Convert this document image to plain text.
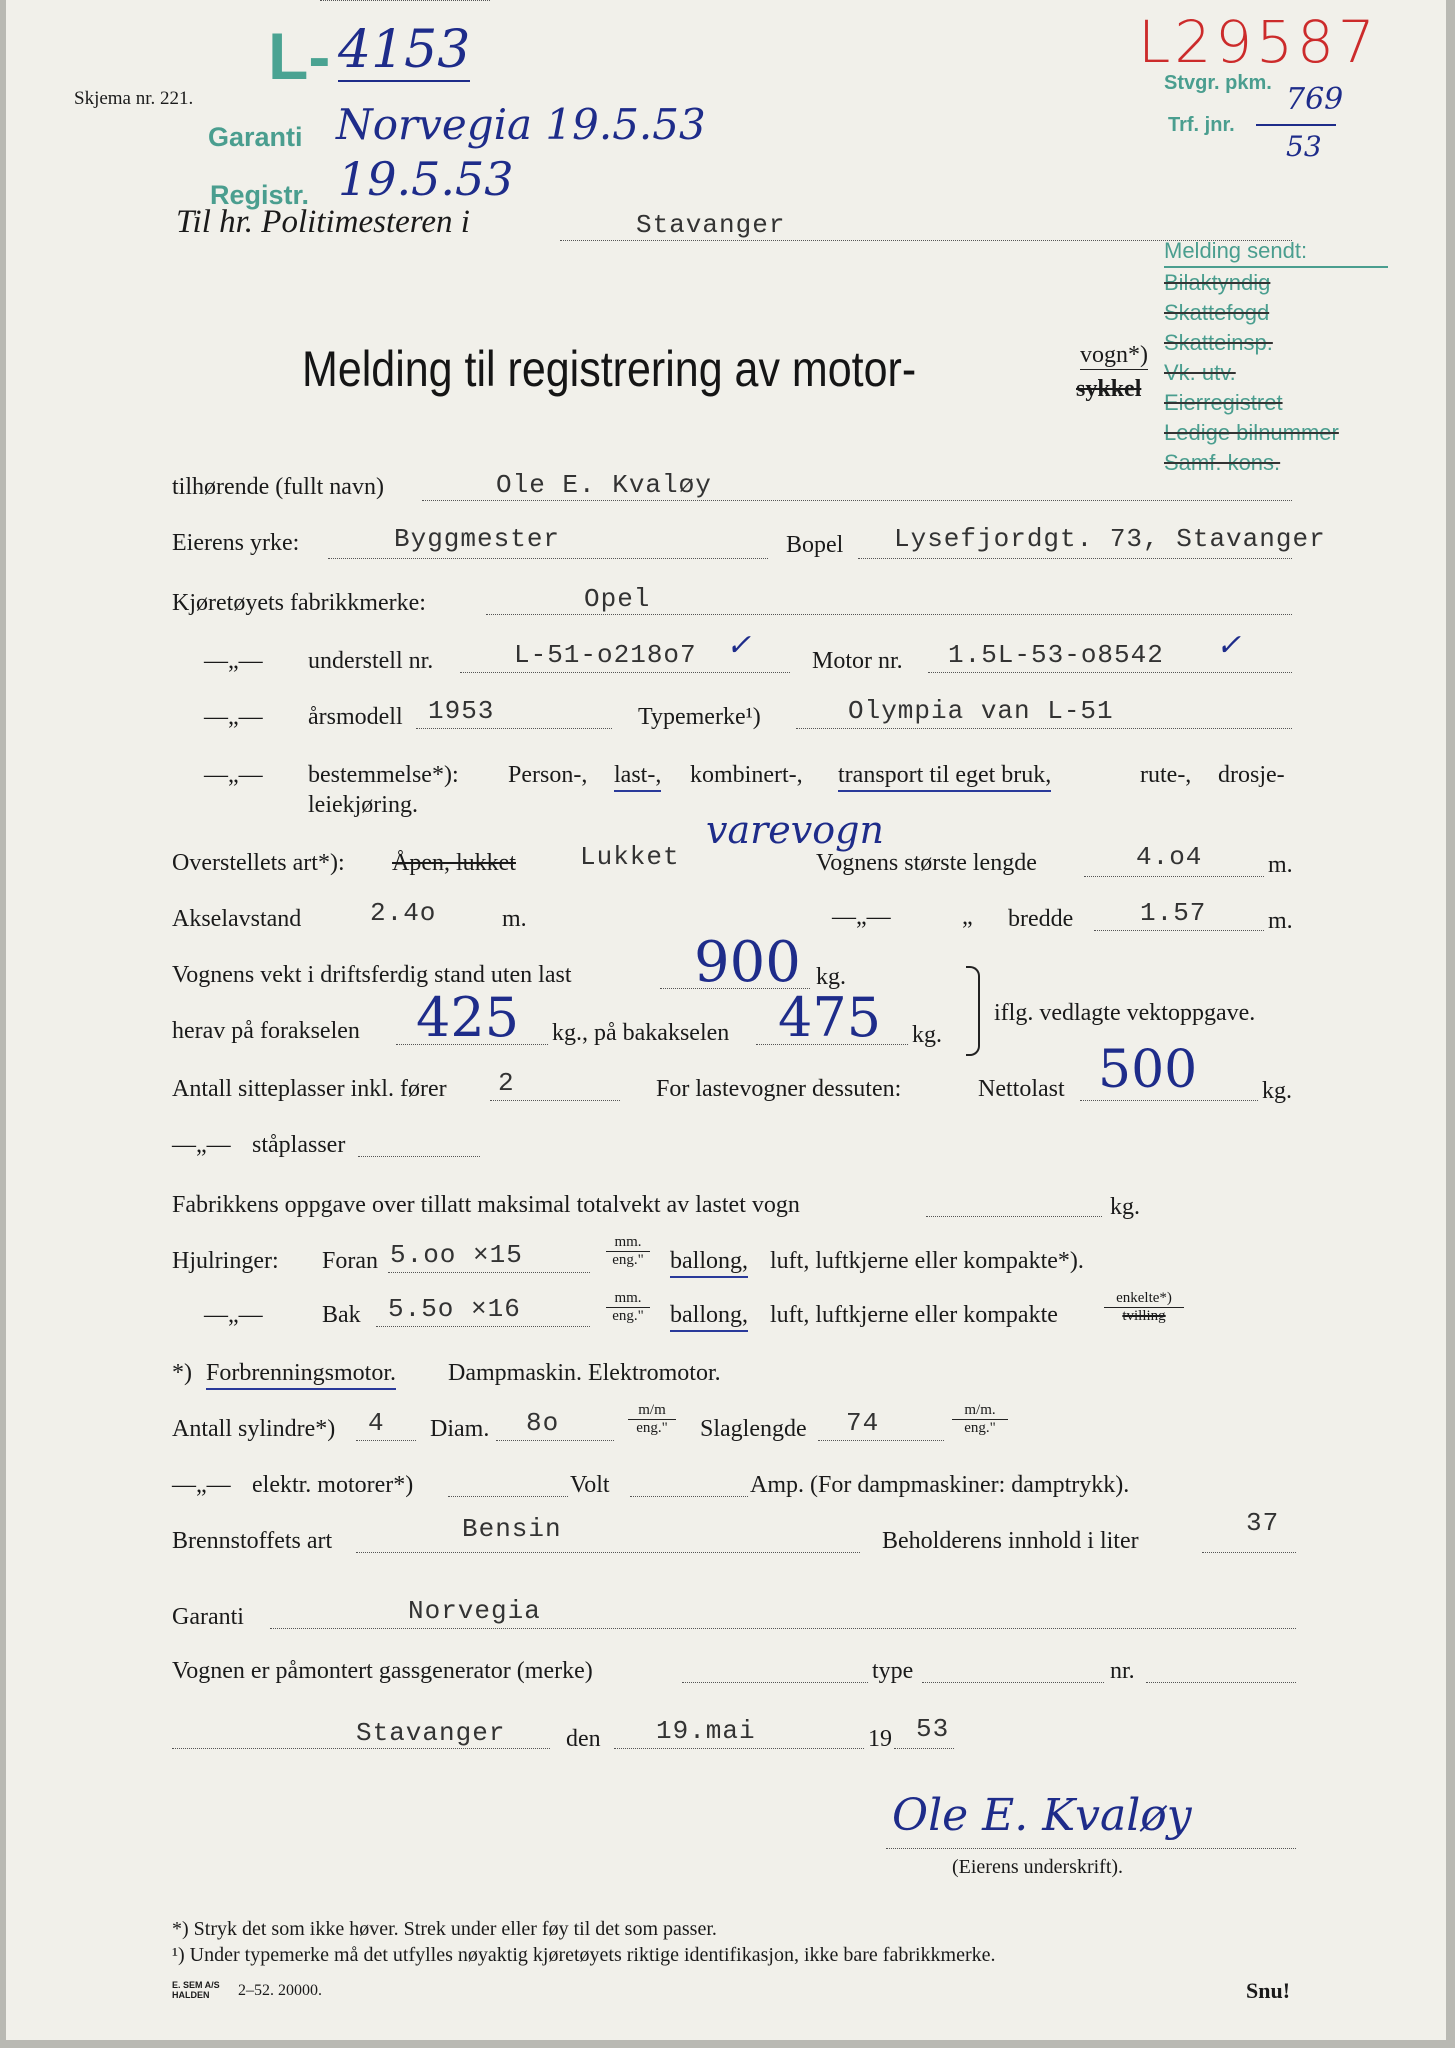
Skjema nr. 221.
L- 4153
Garanti Norvegia 19.5.53
Registr. 19.5.53
L29587
Stvgr. pkm. 769
Trf. jnr.
53
Til hr. Politimesteren i	Stavanger
Melding sendt:
Bilaktyndig
Skattefogd
Skatteinsp.
Vk. utv.
Eierregistret
Ledige bilnummer
Samf. kons.
Melding til registrering av motor-	vogn*)
sykkel
tilhørende (fullt navn)	Ole E. Kvaløy
Eierens yrke:	Byggmester	Bopel Lysefjordgt. 73, Stavanger
Kjøretøyets fabrikkmerke:	Opel
—„— understell nr.	L-51-o218o7 ✓	Motor nr. 1.5L-53-o8542 ✓
—„— årsmodell 1953	Typemerke¹)	Olympia van L-51
—„— bestemmelse*): Person-, last-, kombinert-, transport til eget bruk,	rute-, drosje-
leiekjøring.
Overstellets art*): Åpen, lukket Lukket
varevogn
Vognens største lengde	4.o4	m.
Akselavstand	2.4o	m.	—„—	„ bredde	1.57	m.
Vognens vekt i driftsferdig stand uten last 900 kg.
herav på forakselen 425 kg., på bakakselen 475 kg.
iflg. vedlagte vektoppgave.
Antall sitteplasser inkl. fører 2	For lastevogner dessuten:	Nettolast 500	kg.
—„— ståplasser
Fabrikkens oppgave over tillatt maksimal totalvekt av lastet vogn	kg.
Hjulringer: Foran 5.oo ×15	mm.
eng." ballong, luft, luftkjerne eller kompakte*).
—„— Bak 5.5o ×16	mm.
eng." ballong, luft, luftkjerne eller kompakte
enkelte*)
tvilling
*) Forbrenningsmotor. Dampmaskin. Elektromotor.
Antall sylindre*) 4 Diam. 8o	m/m
eng."	Slaglengde 74	m/m.
eng."
—„— elektr. motorer*)	Volt	Amp. (For dampmaskiner: damptrykk).
Brennstoffets art	Bensin	Beholderens innhold i liter
37
Garanti	Norvegia
Vognen er påmontert gassgenerator (merke)	type	nr.
Stavanger	den 19.mai	19 53
Ole E. Kvaløy
(Eierens underskrift).
*) Stryk det som ikke høver. Strek under eller føy til det som passer.
¹) Under typemerke må det utfylles nøyaktig kjøretøyets riktige identifikasjon, ikke bare fabrikkmerke.
E. SEM A/S
HALDEN	2–52. 20000.	Snu!
